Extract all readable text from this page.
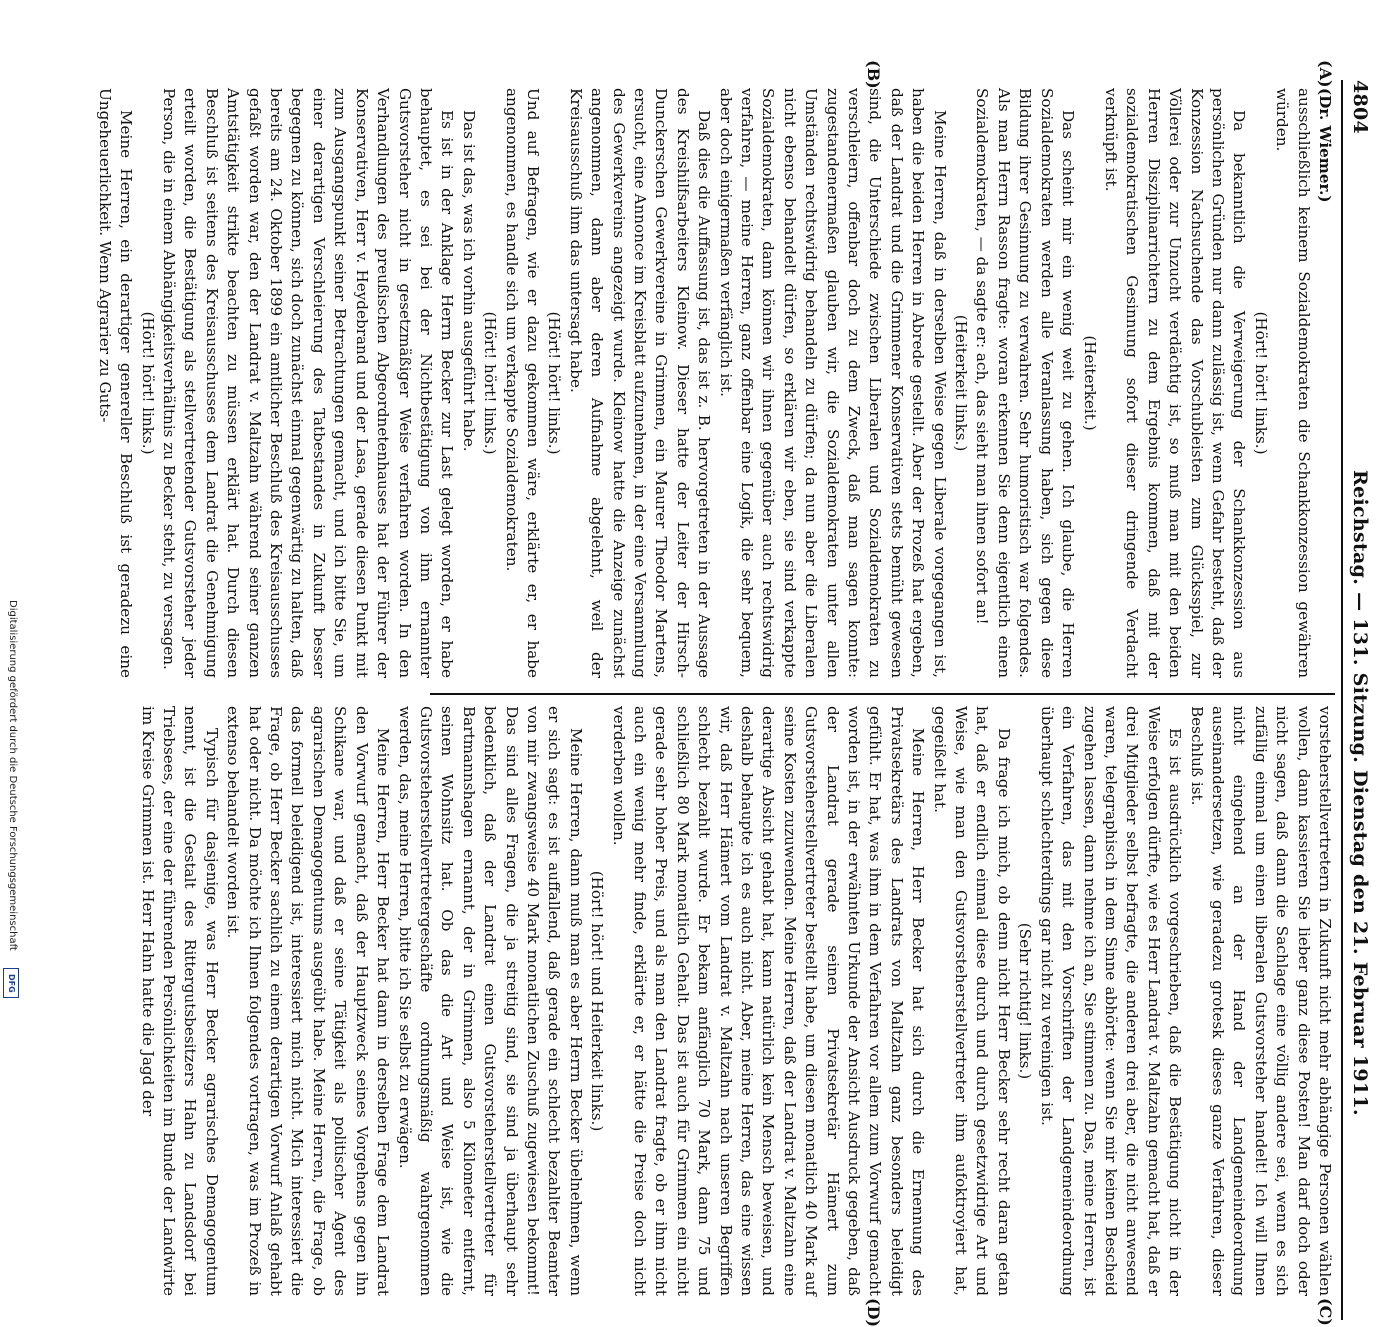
4804
Reichstag. — 131. Sitzung. Dienstag den 21. Februar 1911.
(A)
(B)
(C)
(D)

(Dr. Wiemer.)

ausschließlich keinem Sozialdemokraten die Schankkonzession gewähren würden.

(Hört! hört! links.)

Da bekanntlich die Verweigerung der Schankkonzession aus persönlichen Gründen nur dann zulässig ist, wenn Gefahr besteht, daß der Konzession Nachsuchende das Vorschubleisten zum Glücksspiel, zur Völlerei oder zur Unzucht verdächtig ist, so muß man mit den beiden Herren Disziplinarrichtern zu dem Ergebnis kommen, daß mit der sozialdemokratischen Gesinnung sofort dieser dringende Verdacht verknüpft ist.

(Heiterkeit.)

Das scheint mir ein wenig weit zu gehen. Ich glaube, die Herren Sozialdemokraten werden alle Veranlassung haben, sich gegen diese Bildung ihrer Gesinnung zu verwahren. Sehr humoristisch war folgendes. Als man Herrn Rasson fragte: woran erkennen Sie denn eigentlich einen Sozialdemokraten, — da sagte er: ach, das sieht man ihnen sofort an!

(Heiterkeit links.)

Meine Herren, daß in derselben Weise gegen Liberale vorgegangen ist, haben die beiden Herren in Abrede gestellt. Aber der Prozeß hat ergeben, daß der Landrat und die Grimmener Konservativen stets bemüht gewesen sind, die Unterschiede zwischen Liberalen und Sozialdemokraten zu verschleiern, offenbar doch zu dem Zweck, daß man sagen konnte: zugestandenermaßen glauben wir, die Sozialdemokraten unter allen Umständen rechtswidrig behandeln zu dürfen; da nun aber die Liberalen nicht ebenso behandelt dürfen, so erklären wir eben, sie sind verkappte Sozialdemokraten, dann können wir ihnen gegenüber auch rechtswidrig verfahren, — meine Herren, ganz offenbar eine Logik, die sehr bequem, aber doch einigermaßen verfänglich ist.

Daß dies die Auffassung ist, das ist z. B. hervorgetreten in der Aussage des Kreishilfsarbeiters Kleinow. Dieser hatte der Leiter der Hirsch-Dunckerschen Gewerkvereine in Grimmen, ein Maurer Theodor Martens, ersucht, eine Annonce im Kreisblatt aufzunehmen, in der eine Versammlung des Gewerkvereins angezeigt wurde. Kleinow hatte die Anzeige zunächst angenommen, dann aber deren Aufnahme abgelehnt, weil der Kreisausschuß ihm das untersagt habe.

(Hört! hört! links.)

Und auf Befragen, wie er dazu gekommen wäre, erklärte er, er habe angenommen, es handle sich um verkappte Sozialdemokraten.

(Hört! hört! links.)

Das ist das, was ich vorhin ausgeführt habe.

Es ist in der Anklage Herrn Becker zur Last gelegt worden, er habe behauptet, es sei bei der Nichtbestätigung von ihm ernannter Gutsvorsteher nicht in gesetzmäßiger Weise verfahren worden. In den Verhandlungen des preußischen Abgeordnetenhauses hat der Führer der Konservativen, Herr v. Heydebrand und der Lasa, gerade diesen Punkt mit zum Ausgangspunkt seiner Betrachtungen gemacht, und ich bitte Sie, um einer derartigen Verschleierung des Tatbestandes in Zukunft besser begegnen zu können, sich doch zunächst einmal gegenwärtig zu halten, daß bereits am 24. Oktober 1899 ein amtlicher Beschluß des Kreisausschusses gefaßt worden war, den der Landrat v. Maltzahn während seiner ganzen Amtstätigkeit strikte beachten zu müssen erklärt hat. Durch diesen Beschluß ist seitens des Kreisausschusses dem Landrat die Genehmigung erteilt worden, die Bestätigung als stellvertretender Gutsvorsteher jeder Person, die in einem Abhängigkeitsverhältnis zu Becker steht, zu versagen.

(Hört! hört! links.)

Meine Herren, ein derartiger genereller Beschluß ist geradezu eine Ungeheuerlichkeit. Wenn Agrarier zu Guts-

vorsteherstellvertretern in Zukunft nicht mehr abhängige Personen wählen wollen, dann kassieren Sie lieber ganz diese Posten! Man darf doch oder nicht sagen, daß dann die Sachlage eine völlig andere sei, wenn es sich zufällig einmal um einen liberalen Gutsvorsteher handelt! Ich will Ihnen nicht eingehend an der Hand der Landgemeindeordnung auseinandersetzen, wie geradezu grotesk dieses ganze Verfahren, dieser Beschluß ist.

Es ist ausdrücklich vorgeschrieben, daß die Bestätigung nicht in der Weise erfolgen dürfte, wie es Herr Landrat v. Maltzahn gemacht hat, daß er drei Mitglieder selbst befragte, die anderen drei aber, die nicht anwesend waren, telegraphisch in dem Sinne abhörte: wenn Sie mir keinen Bescheid zugehen lassen, dann nehme ich an, Sie stimmen zu. Das, meine Herren, ist ein Verfahren, das mit den Vorschriften der Landgemeindeordnung überhaupt schlechterdings gar nicht zu vereinigen ist.

(Sehr richtig! links.)

Da frage ich mich, ob denn nicht Herr Becker sehr recht daran getan hat, daß er endlich einmal diese durch und durch gesetzwidrige Art und Weise, wie man den Gutsvorsteherstellvertreter ihm aufoktroyiert hat, gegeißelt hat.

Meine Herren, Herr Becker hat sich durch die Ernennung des Privatsekretärs des Landrats von Maltzahn ganz besonders beleidigt gefühlt. Er hat, was ihm in dem Verfahren vor allem zum Vorwurf gemacht worden ist, in der erwähnten Urkunde der Ansicht Ausdruck gegeben, daß der Landrat gerade seinen Privatsekretär Hämert zum Gutsvorsteherstellvertreter bestellt habe, um diesen monatlich 40 Mark auf seine Kosten zuzuwenden. Meine Herren, daß der Landrat v. Maltzahn eine derartige Absicht gehabt hat, kann natürlich kein Mensch beweisen, und deshalb behaupte ich es auch nicht. Aber, meine Herren, das eine wissen wir, daß Herr Hämert vom Landrat v. Maltzahn nach unseren Begriffen schlecht bezahlt wurde. Er bekam anfänglich 70 Mark, dann 75 und schließlich 80 Mark monatlich Gehalt. Das ist auch für Grimmen ein nicht gerade sehr hoher Preis, und als man den Landrat fragte, ob er ihm nicht auch ein wenig mehr finde, erklärte er, er hätte die Preise doch nicht verderben wollen.

(Hört! hört! und Heiterkeit links.)

Meine Herren, dann muß man es aber Herrn Becker übelnehmen, wenn er sich sagt: es ist auffallend, daß gerade ein schlecht bezahlter Beamter von mir zwangsweise 40 Mark monatlichen Zuschuß zugewiesen bekommt! Das sind alles Fragen, die ja streitig sind, sie sind ja überhaupt sehr bedenklich, daß der Landrat einen Gutsvorsteherstellvertreter für Bartmannshagen ernannt, der in Grimmen, also 5 Kilometer entfernt, seinen Wohnsitz hat. Ob das die Art und Weise ist, wie die Gutsvorsteherstellvertretergeschäfte ordnungsmäßig wahrgenommen werden, das, meine Herren, bitte ich Sie selbst zu erwägen.

Meine Herren, Herr Becker hat dann in derselben Frage dem Landrat den Vorwurf gemacht, daß der Hauptzweck seines Vorgehens gegen ihn Schikane war, und daß er seine Tätigkeit als politischer Agent des agrarischen Demagogentums ausgeübt habe. Meine Herren, die Frage, ob das formell beleidigend ist, interessiert mich nicht. Mich interessiert die Frage, ob Herr Becker sachlich zu einem derartigen Vorwurf Anlaß gehabt hat oder nicht. Da möchte ich Ihnen folgendes vortragen, was im Prozeß in extenso behandelt worden ist.

Typisch für dasjenige, was Herr Becker agrarisches Demagogentum nennt, ist die Gestalt des Rittergutsbesitzers Hahn zu Landsdorf bei Triebsees, der eine der führenden Persönlichkeiten im Bunde der Landwirte im Kreise Grimmen ist. Herr Hahn hatte die Jagd der

Digitalisierung gefördert durch die Deutsche Forschungsgemeinschaft
DFG
